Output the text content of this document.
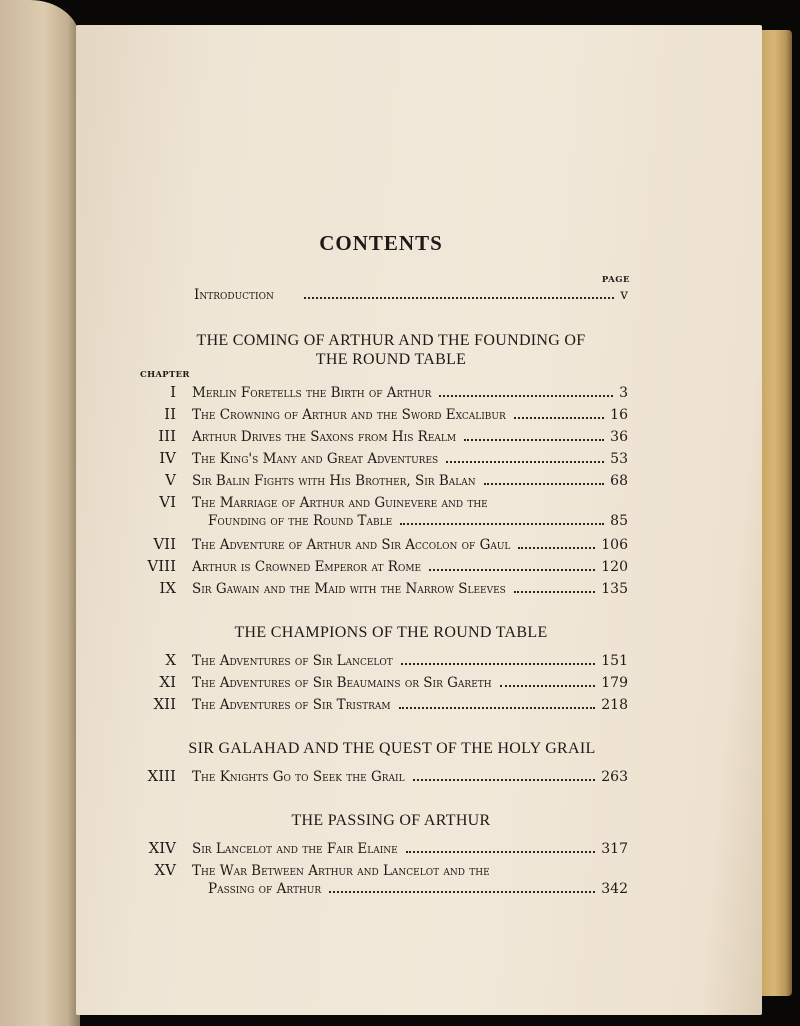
CONTENTS
PAGE
Introduction	v
THE COMING OF ARTHUR AND THE FOUNDING OF
THE ROUND TABLE
CHAPTER
I Merlin Foretells the Birth of Arthur	3
II The Crowning of Arthur and the Sword Excalibur	16
III Arthur Drives the Saxons from His Realm	36
IV The King's Many and Great Adventures	53
V Sir Balin Fights with His Brother, Sir Balan	68
VI The Marriage of Arthur and Guinevere and the
Founding of the Round Table	85
VII The Adventure of Arthur and Sir Accolon of Gaul	106
VIII Arthur is Crowned Emperor at Rome	120
IX Sir Gawain and the Maid with the Narrow Sleeves	135
THE CHAMPIONS OF THE ROUND TABLE
X The Adventures of Sir Lancelot	151
XI The Adventures of Sir Beaumains or Sir Gareth	179
XII The Adventures of Sir Tristram	218
SIR GALAHAD AND THE QUEST OF THE HOLY GRAIL
XIII The Knights Go to Seek the Grail	263
THE PASSING OF ARTHUR
XIV Sir Lancelot and the Fair Elaine	317
XV The War Between Arthur and Lancelot and the
Passing of Arthur	342
